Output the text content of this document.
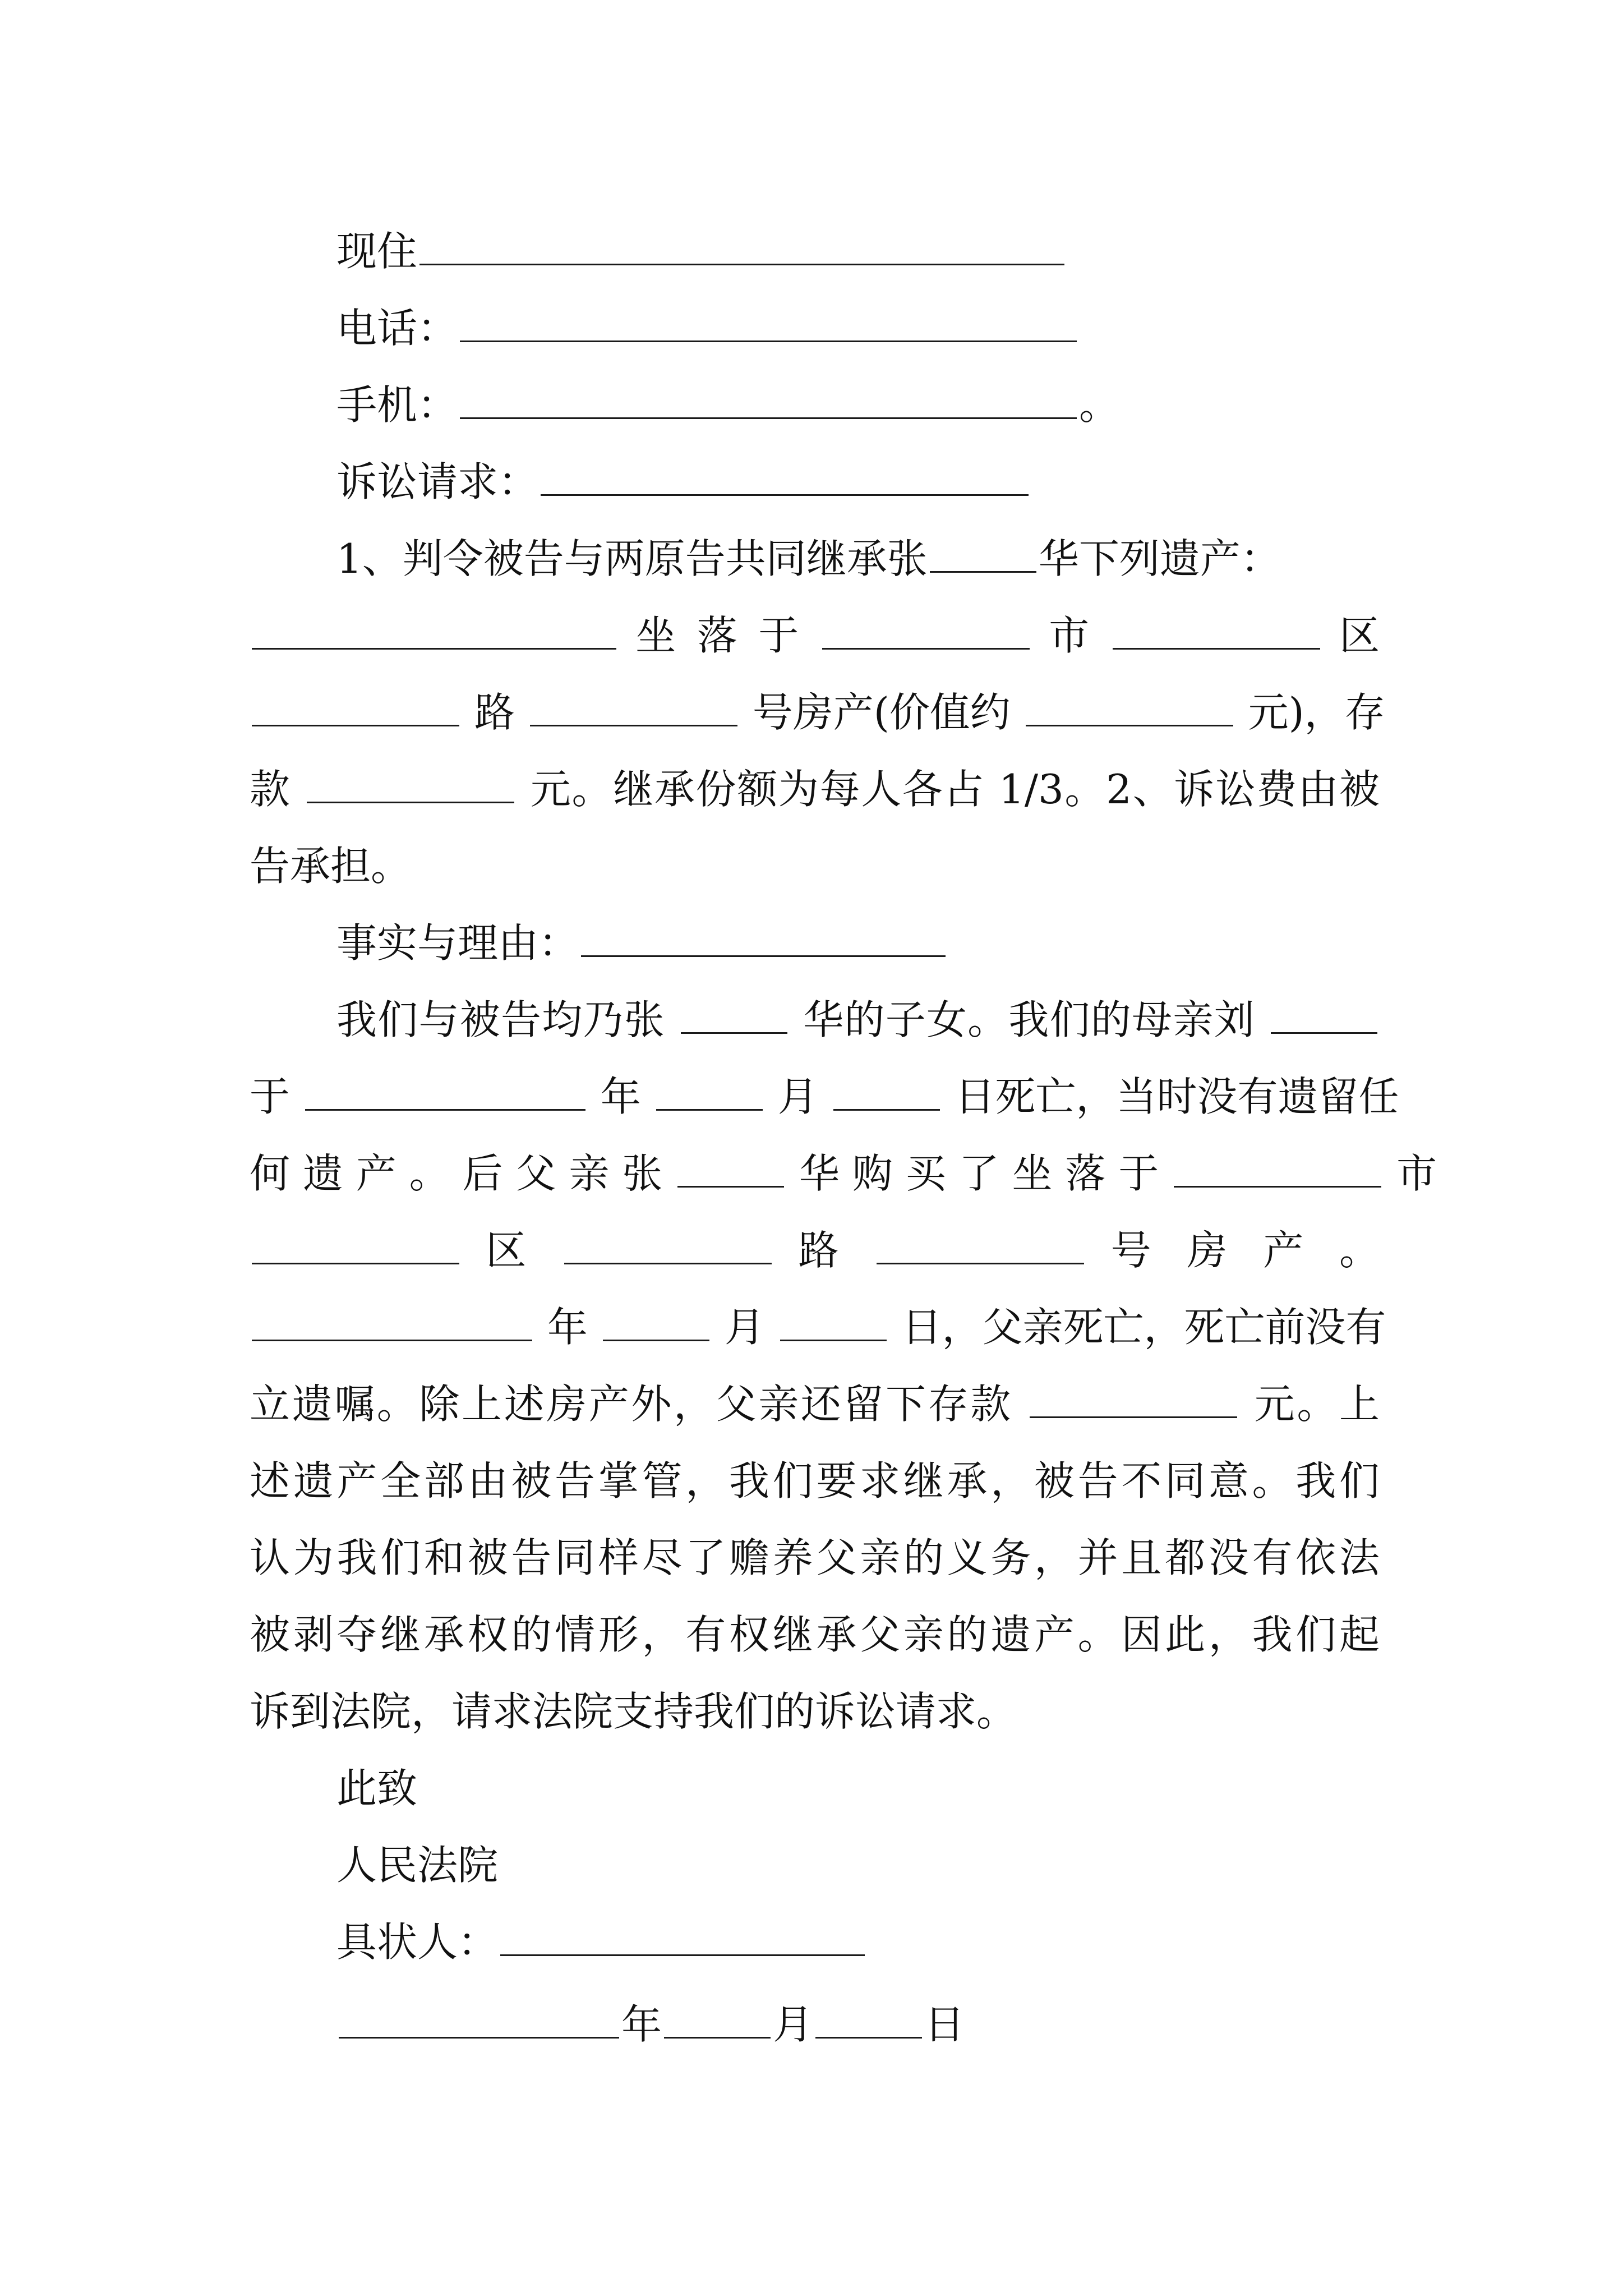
现住
电话：
手机：	。
诉讼请求：
1、判令被告与两原告共同继承张	华下列遗产：
坐 落 于	市	区
路	号房产(价值约	元)，存
款	元。继承份额为每人各占 1/3。2、诉讼费由被
告承担。
事实与理由：
我们与被告均乃张	华的子女。我们的母亲刘
于	年	月	日死亡，当时没有遗留任
何 遗 产 。 后 父 亲 张	华 购 买 了 坐 落 于	市
区	路	号 房 产 。
年	月	日，父亲死亡，死亡前没有
立遗嘱。除上述房产外，父亲还留下存款	元。上
述遗产全部由被告掌管，我们要求继承，被告不同意。我们
认为我们和被告同样尽了赡养父亲的义务，并且都没有依法
被剥夺继承权的情形，有权继承父亲的遗产。因此，我们起
诉到法院，请求法院支持我们的诉讼请求。
此致
人民法院
具状人：
年	月	日
